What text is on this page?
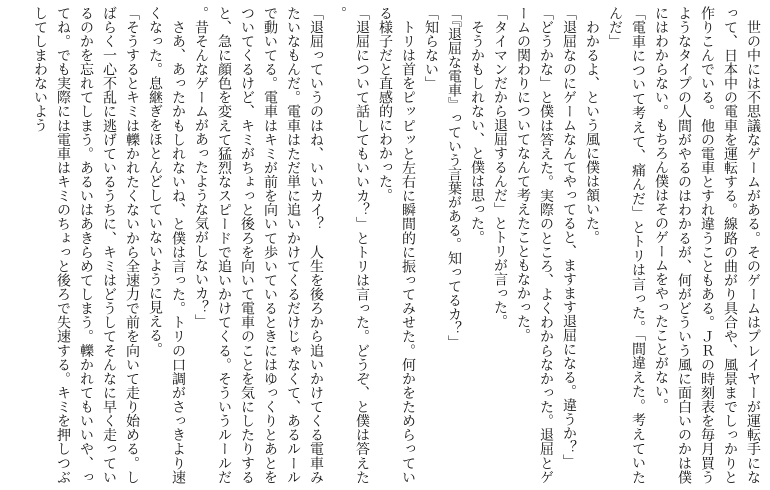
　世の中には不思議なゲームがある。そのゲームはプレイヤーが運転手になって、日本中の電車を運転する。線路の曲がり具合や、風景までしっかりと作りこんでいる。他の電車とすれ違うこともある。ＪＲの時刻表を毎月買うようなタイプの人間がやるのはわかるが、何がどういう風に面白いのかは僕にはわからない。もちろん僕はそのゲームをやったことがない。

「電車について考えて、痛んだ」とトリは言った。「間違えた。考えていたんだ」

　わかるよ、という風に僕は頷いた。

「退屈なのにゲームなんてやってると、ますます退屈になる。違うか？」

「どうかな」と僕は答えた。実際のところ、よくわからなかった。退屈とゲームの関わりについてなんて考えたこともなかった。

「タイマンだから退屈するんだ」とトリが言った。

　そうかもしれない、と僕は思った。

「『退屈な電車』っていう言葉がある。知ってるカ？」

「知らない」

　トリは首をピッピッと左右に瞬間的に振ってみせた。何かをためらっている様子だと直感的にわかった。

「退屈について話してもいいカ？」とトリは言った。どうぞ、と僕は答えた。

「退屈っていうのはね、いいカイ？　人生を後ろから追いかけてくる電車みたいなもんだ。電車はただ単に追いかけてくるだけじゃなくて、あるルールで動いてる。電車はキミが前を向いて歩いているときにはゆっくりとあとをついてくるけど、キミがちょっと後ろを向いて電車のことを気にしたりすると、急に顔色を変えて猛烈なスピードで追いかけてくる。そういうルールだ。昔そんなゲームがあったような気がしないカ？」

　さあ、あったかもしれないね、と僕は言った。トリの口調がさっきより速くなった。息継ぎをほとんどしていないように見える。

「そうするとキミは轢かれたくないから全速力で前を向いて走り始める。しばらく一心不乱に逃げているうちに、キミはどうしてそんなに早く走っているのかを忘れてしまう。あるいはあきらめてしまう。轢かれてもいいや、ってね。でも実際には電車はキミのちょっと後ろで失速する。キミを押しつぶしてしまわないよう
